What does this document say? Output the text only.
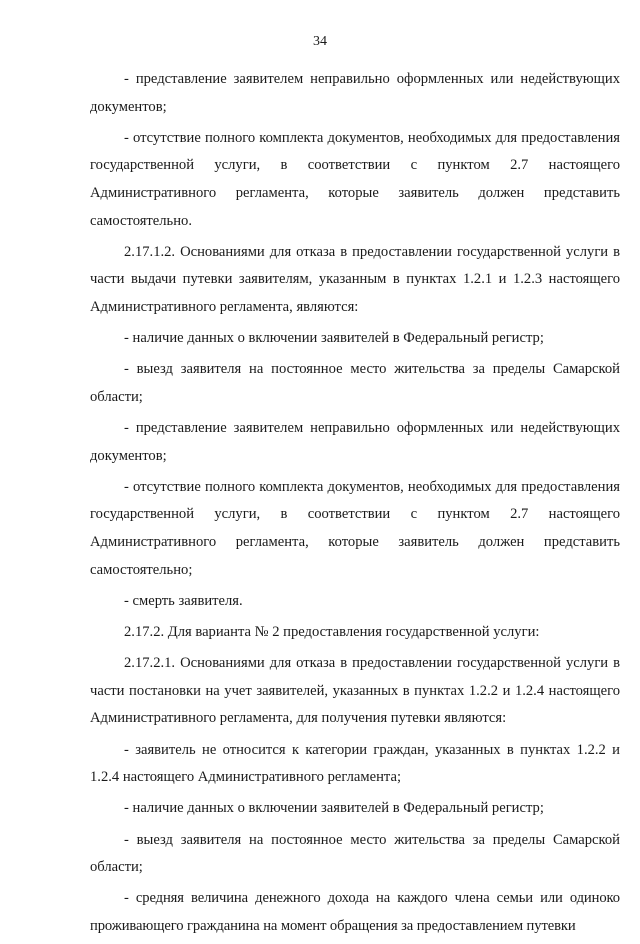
34

- представление заявителем неправильно оформленных или недействующих документов;

- отсутствие полного комплекта документов, необходимых для предоставления государственной услуги, в соответствии с пунктом 2.7 настоящего Административного регламента, которые заявитель должен представить самостоятельно.

2.17.1.2. Основаниями для отказа в предоставлении государственной услуги в части выдачи путевки заявителям, указанным в пунктах 1.2.1 и 1.2.3 настоящего Административного регламента, являются:

- наличие данных о включении заявителей в Федеральный регистр;

- выезд заявителя на постоянное место жительства за пределы Самарской области;

- представление заявителем неправильно оформленных или недействующих документов;

- отсутствие полного комплекта документов, необходимых для предоставления государственной услуги, в соответствии с пунктом 2.7 настоящего Административного регламента, которые заявитель должен представить самостоятельно;

- смерть заявителя.

2.17.2. Для варианта № 2 предоставления государственной услуги:

2.17.2.1. Основаниями для отказа в предоставлении государственной услуги в части постановки на учет заявителей, указанных в пунктах 1.2.2 и 1.2.4 настоящего Административного регламента, для получения путевки являются:

- заявитель не относится к категории граждан, указанных в пунктах 1.2.2 и 1.2.4 настоящего Административного регламента;

- наличие данных о включении заявителей в Федеральный регистр;

- выезд заявителя на постоянное место жительства за пределы Самарской области;

- средняя величина денежного дохода на каждого члена семьи или одиноко проживающего гражданина на момент обращения за предоставлением путевки
